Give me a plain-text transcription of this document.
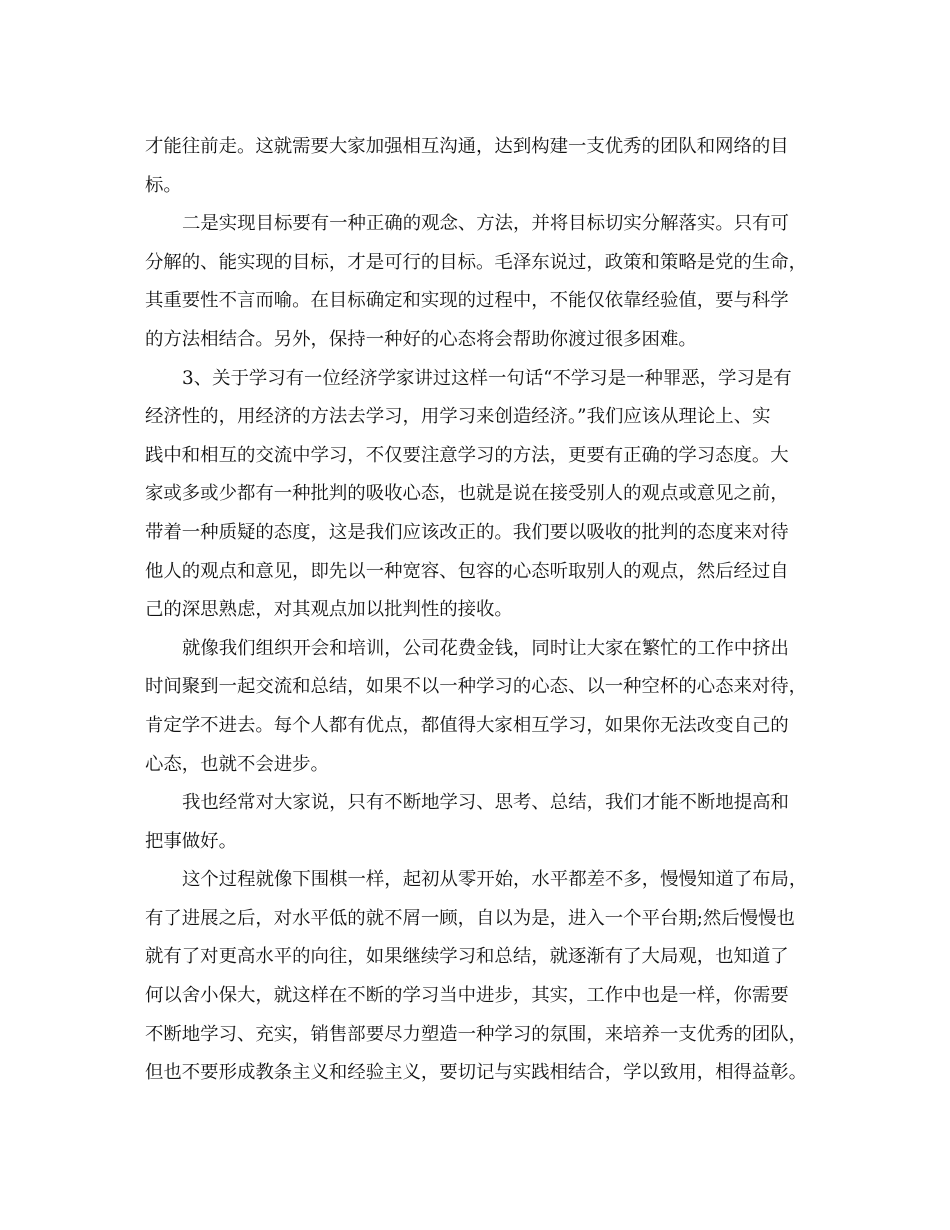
才能往前走。这就需要大家加强相互沟通，达到构建一支优秀的团队和网络的目
标。
二是实现目标要有一种正确的观念、方法，并将目标切实分解落实。只有可
分解的、能实现的目标，才是可行的目标。毛泽东说过，政策和策略是党的生命，
其重要性不言而喻。在目标确定和实现的过程中，不能仅依靠经验值，要与科学
的方法相结合。另外，保持一种好的心态将会帮助你渡过很多困难。
3、关于学习有一位经济学家讲过这样一句话“不学习是一种罪恶，学习是有
经济性的，用经济的方法去学习，用学习来创造经济。”我们应该从理论上、实
践中和相互的交流中学习，不仅要注意学习的方法，更要有正确的学习态度。大
家或多或少都有一种批判的吸收心态，也就是说在接受别人的观点或意见之前，
带着一种质疑的态度，这是我们应该改正的。我们要以吸收的批判的态度来对待
他人的观点和意见，即先以一种宽容、包容的心态听取别人的观点，然后经过自
己的深思熟虑，对其观点加以批判性的接收。
就像我们组织开会和培训，公司花费金钱，同时让大家在繁忙的工作中挤出
时间聚到一起交流和总结，如果不以一种学习的心态、以一种空杯的心态来对待，
肯定学不进去。每个人都有优点，都值得大家相互学习，如果你无法改变自己的
心态，也就不会进步。
我也经常对大家说，只有不断地学习、思考、总结，我们才能不断地提高和
把事做好。
这个过程就像下围棋一样，起初从零开始，水平都差不多，慢慢知道了布局，
有了进展之后，对水平低的就不屑一顾，自以为是，进入一个平台期;然后慢慢也
就有了对更高水平的向往，如果继续学习和总结，就逐渐有了大局观，也知道了
何以舍小保大，就这样在不断的学习当中进步，其实，工作中也是一样，你需要
不断地学习、充实，销售部要尽力塑造一种学习的氛围，来培养一支优秀的团队，
但也不要形成教条主义和经验主义，要切记与实践相结合，学以致用，相得益彰。
